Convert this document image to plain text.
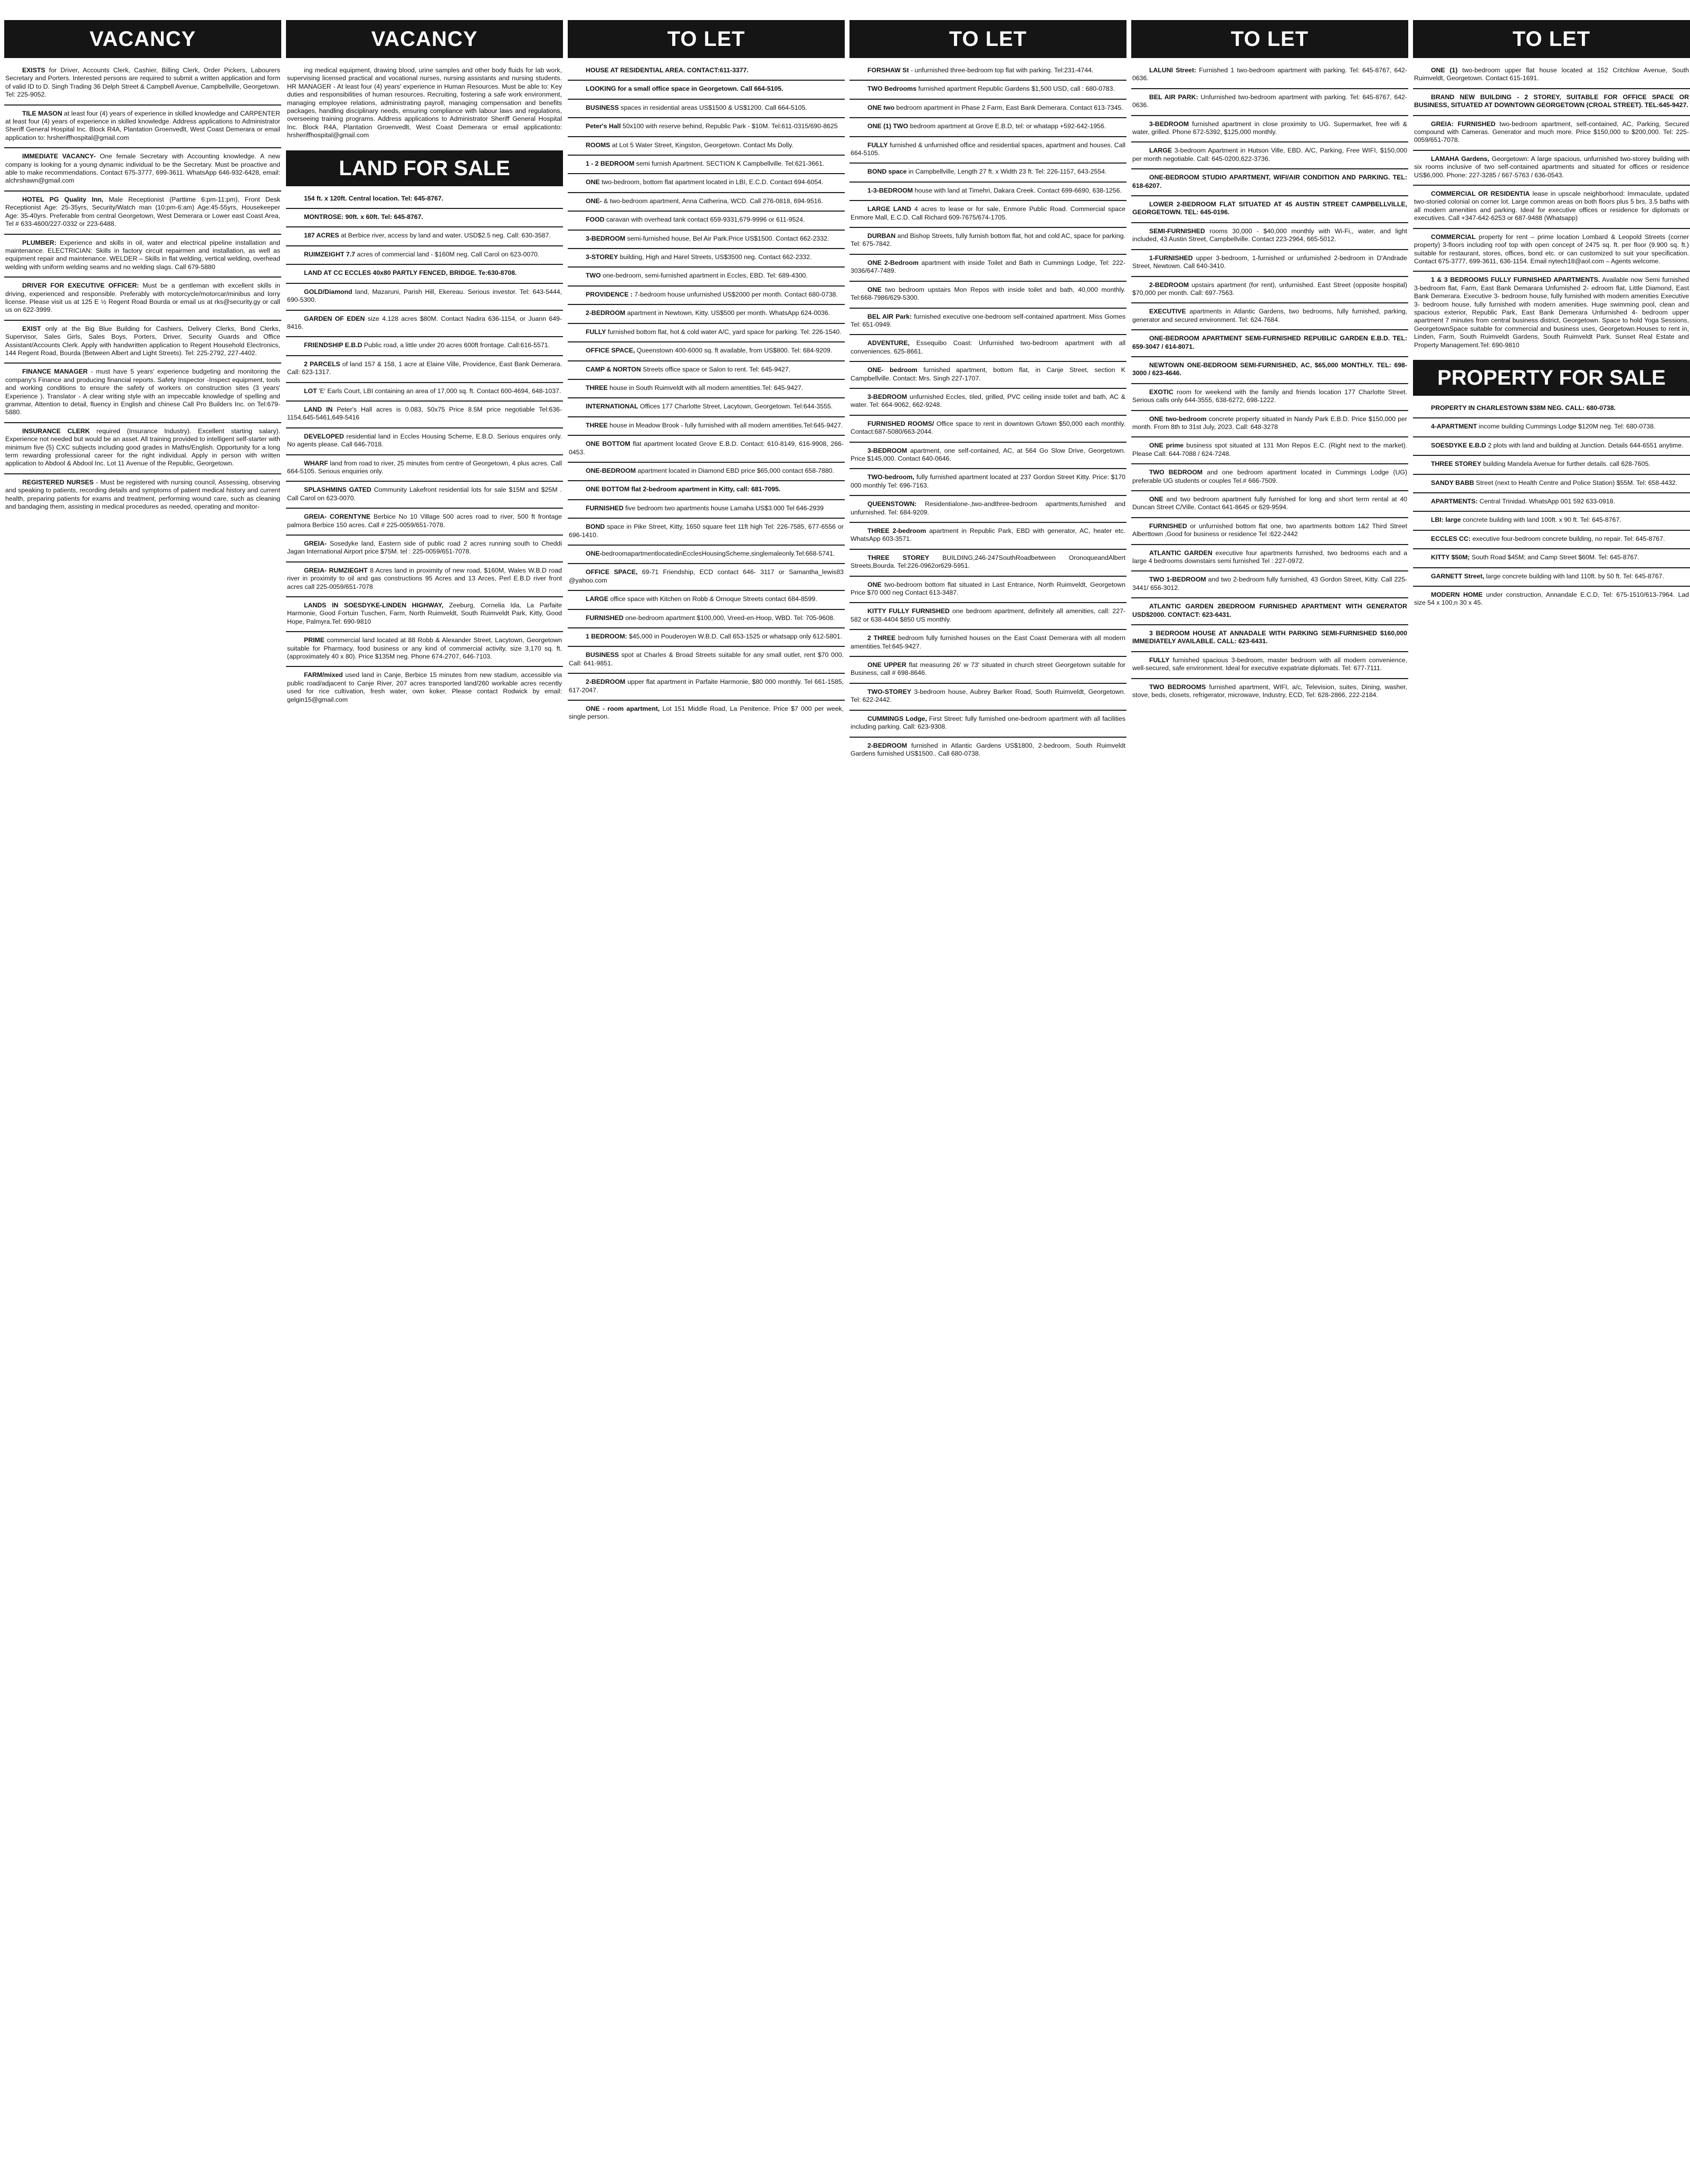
VACANCY
EXISTS for Driver, Accounts Clerk, Cashier, Billing Clerk, Order Pickers, Labourers Secretary and Porters. Interested persons are required to submit a written application and form of valid ID to D. Singh Trading 36 Delph Street & Campbell Avenue, Campbellville, Georgetown. Tel: 225-9052.
TILE MASON at least four (4) years of experience in skilled knowledge and CARPENTER at least four (4) years of experience in skilled knowledge. Address applications to Administrator Sheriff General Hospital Inc. Block R4A, Plantation Groenvedlt, West Coast Demerara or email application to: hrsheriffhospital@gmail.com
IMMEDIATE VACANCY- One female Secretary with Accounting knowledge. A new company is looking for a young dynamic individual to be the Secretary. Must be proactive and able to make recommendations. Contact 675-3777, 699-3611. WhatsApp 646-932-6428, email: alchrshawn@gmail.com
HOTEL PG Quality Inn, Male Receptionist (Parttime 6:pm-11:pm), Front Desk Receptionist Age: 25-35yrs, Security/Watch man (10:pm-6:am) Age:45-55yrs, Housekeeper Age: 35-40yrs. Preferable from central Georgetown, West Demerara or Lower east Coast Area, Tel # 633-4600/227-0332 or 223-6488.
PLUMBER: Experience and skills in oil, water and electrical pipeline installation and maintenance. ELECTRICIAN: Skills in factory circuit repairmen and installation, as well as equipment repair and maintenance. WELDER – Skills in flat welding, vertical welding, overhead welding with uniform welding seams and no welding slags. Call 679-5880
DRIVER FOR EXECUTIVE OFFICER: Must be a gentleman with excellent skills in driving, experienced and responsible. Preferably with motorcycle/motorcar/minibus and lorry license. Please visit us at 125 E ½ Regent Road Bourda or email us at rks@security.gy or call us on 622-3999.
EXIST only at the Big Blue Building for Cashiers, Delivery Clerks, Bond Clerks, Supervisor, Sales Girls, Sales Boys, Porters, Driver, Security Guards and Office Assistant/Accounts Clerk. Apply with handwritten application to Regent Household Electronics, 144 Regent Road, Bourda (Between Albert and Light Streets). Tel: 225-2792, 227-4402.
FINANCE MANAGER - must have 5 years' experience budgeting and monitoring the company's Finance and producing financial reports. Safety Inspector -Inspect equipment, tools and working conditions to ensure the safety of workers on construction sites (3 years' Experience ). Translator - A clear writing style with an impeccable knowledge of spelling and grammar, Attention to detail, fluency in English and chinese Call Pro Builders Inc. on Tel:679-5880.
INSURANCE CLERK required (Insurance Industry). Excellent starting salary). Experience not needed but would be an asset. All training provided to intelligent self-starter with minimum five (5) CXC subjects including good grades in Maths/English. Opportunity for a long term rewarding professional career for the right individual. Apply in person with written application to Abdool & Abdool Inc. Lot 11 Avenue of the Republic, Georgetown.
REGISTERED NURSES - Must be registered with nursing council, Assessing, observing and speaking to patients, recording details and symptoms of patient medical history and current health, preparing patients for exams and treatment, performing wound care, such as cleaning and bandaging them, assisting in medical procedures as needed, operating and monitor-
VACANCY
ing medical equipment, drawing blood, urine samples and other body fluids for lab work, supervising licensed practical and vocational nurses, nursing assistants and nursing students. HR MANAGER - At least four (4) years' experience in Human Resources. Must be able to: Key duties and responsibilities of human resources. Recruiting, fostering a safe work environment, managing employee relations, administrating payroll, managing compensation and benefits packages, handling disciplinary needs, ensuring compliance with labour laws and regulations, overseeing training programs. Address applications to Administrator Sheriff General Hospital Inc. Block R4A, Plantation Groenvedlt, West Coast Demerara or email applicationto: hrsheriffhospital@gmail.com
LAND FOR SALE
154 ft. x 120ft. Central location. Tel: 645-8767.
MONTROSE: 90ft. x 60ft. Tel: 645-8767.
187 ACRES at Berbice river, access by land and water. USD$2.5 neg. Call: 630-3587.
RUIMZEIGHT 7.7 acres of commercial land - $160M neg. Call Carol on 623-0070.
LAND AT CC ECCLES 40x80 PARTLY FENCED, BRIDGE. Te:630-8708.
GOLD/Diamond land, Mazaruni, Parish Hill, Ekereau. Serious investor. Tel: 643-5444, 690-5300.
GARDEN OF EDEN size 4.128 acres $80M. Contact Nadira 636-1154, or Juann 649-8416.
FRIENDSHIP E.B.D Public road, a little under 20 acres 600ft frontage. Call:616-5571.
2 PARCELS of land 157 & 158, 1 acre at Elaine Ville, Providence, East Bank Demerara. Call: 623-1317.
LOT 'E' Earls Court, LBI containing an area of 17,000 sq. ft. Contact 600-4694, 648-1037.
LAND IN Peter's Hall acres is 0.083, 50x75 Price 8.5M price negotiable Tel:636-1154,645-5461,649-5416
DEVELOPED residential land in Eccles Housing Scheme, E.B.D. Serious enquires only. No agents please. Call 646-7018.
WHARF land from road to river, 25 minutes from centre of Georgetown, 4 plus acres. Call 664-5105. Serious enquiries only.
SPLASHMINS GATED Community Lakefront residential lots for sale $15M and $25M . Call Carol on 623-0070.
GREIA- CORENTYNE Berbice No 10 Village 500 acres road to river, 500 ft frontage palmora Berbice 150 acres. Call # 225-0059/651-7078.
GREIA- Sosedyke land, Eastern side of public road 2 acres running south to Cheddi Jagan International Airport price $75M. tel : 225-0059/651-7078.
GREIA- RUMZIEGHT 8 Acres land in proximity of new road, $160M, Wales W.B.D road river in proximity to oil and gas constructions 95 Acres and 13 Arces, Perl E.B.D river front acres call 225-0059/651-7078
LANDS IN SOESDYKE-LINDEN HIGHWAY, Zeeburg, Cornelia Ida, La Parfaite Harmonie, Good Fortuin Tuschen, Farm, North Ruimveldt, South Ruimveldt Park, Kitty, Good Hope, Palmyra.Tel: 690-9810
PRIME commercial land located at 88 Robb & Alexander Street, Lacytown, Georgetown suitable for Pharmacy, food business or any kind of commercial activity, size 3,170 sq. ft. (approximately 40 x 80). Price $135M neg. Phone 674-2707, 646-7103.
FARM/mixed used land in Canje, Berbice 15 minutes from new stadium, accessible via public road/adjacent to Canje River, 207 acres transported land/260 workable acres recently used for rice cultivation, fresh water, own koker. Please contact Rodwick by email: gelgin15@gmail.com
TO LET
HOUSE AT RESIDENTIAL AREA. CONTACT:611-3377.
LOOKING for a small office space in Georgetown. Call 664-5105.
BUSINESS spaces in residential areas US$1500 & US$1200. Call 664-5105.
Peter's Hall 50x100 with reserve behind, Republic Park - $10M. Tel:611-0315/690-8625
ROOMS at Lot 5 Water Street, Kingston, Georgetown. Contact Ms Dolly.
1 - 2 BEDROOM semi furnish Apartment. SECTION K Campbellville. Tel:621-3661.
ONE two-bedroom, bottom flat apartment located in LBI, E.C.D. Contact 694-6054.
ONE- & two-bedroom apartment, Anna Catherina, WCD. Call 276-0818, 694-9516.
FOOD caravan with overhead tank contact 659-9331,679-9996 or 611-9524.
3-BEDROOM semi-furnished house, Bel Air Park.Price US$1500. Contact 662-2332.
3-STOREY building, High and Harel Streets, US$3500 neg. Contact 662-2332.
TWO one-bedroom, semi-furnished apartment in Eccles, EBD. Tel: 689-4300.
PROVIDENCE : 7-bedroom house unfurnished US$2000 per month. Contact 680-0738.
2-BEDROOM apartment in Newtown, Kitty. US$500 per month. WhatsApp 624-0036.
FULLY furnished bottom flat, hot & cold water A/C, yard space for parking. Tel: 226-1540.
OFFICE SPACE, Queenstown 400-6000 sq. ft available, from US$800. Tel: 684-9209.
CAMP & NORTON Streets office space or Salon to rent. Tel: 645-9427.
THREE house in South Ruimveldt with all modern amentities.Tel: 645-9427.
INTERNATIONAL Offices 177 Charlotte Street, Lacytown, Georgetown. Tel:644-3555.
THREE house in Meadow Brook - fully furnished with all modern amentities.Tel:645-9427.
ONE BOTTOM flat apartment located Grove E.B.D. Contact: 610-8149, 616-9908, 266-0453.
ONE-BEDROOM apartment located in Diamond EBD price $65,000 contact 658-7880.
ONE BOTTOM flat 2-bedroom apartment in Kitty, call: 681-7095.
FURNISHED five bedroom two apartments house Lamaha US$3.000 Tel 646-2939
BOND space in Pike Street, Kitty, 1650 square feet 11ft high Tel: 226-7585, 677-6556 or 696-1410.
ONE-bedroomapartmentlocatedinEcclesHousingScheme,singlemaleonly.Tel:668-5741.
OFFICE SPACE, 69-71 Friendship, ECD contact 646- 3117 or Samantha_lewis83 @yahoo.com
LARGE office space with Kitchen on Robb & Ornoque Streets contact 684-8599.
FURNISHED one-bedroom apartment $100,000, Vreed-en-Hoop, WBD. Tel: 705-9608.
1 BEDROOM: $45,000 in Pouderoyen W.B.D. Call 653-1525 or whatsapp only 612-5801.
BUSINESS spot at Charles & Broad Streets suitable for any small outlet, rent $70 000. Call: 641-9851.
2-BEDROOM upper flat apartment in Parfaite Harmonie, $80 000 monthly. Tel 661-1585, 617-2047.
ONE - room apartment, Lot 151 Middle Road, La Penitence. Price $7 000 per week, single person.
TO LET
FORSHAW St - unfurnished three-bedroom top flat with parking. Tel:231-4744.
TWO Bedrooms furnished apartment Republic Gardens $1,500 USD, call : 680-0783.
ONE two bedroom apartment in Phase 2 Farm, East Bank Demerara. Contact 613-7345.
ONE (1) TWO bedroom apartment at Grove E.B.D, tel: or whatapp +592-642-1956.
FULLY furnished & unfurnished office and residential spaces, apartment and houses. Call 664-5105.
BOND space in Campbellville, Length 27 ft. x Width 23 ft. Tel: 226-1157, 643-2554.
1-3-BEDROOM house with land at Timehri, Dakara Creek. Contact 699-6690, 638-1256.
LARGE LAND 4 acres to lease or for sale, Enmore Public Road. Commercial space Enmore Mall, E.C.D. Call Richard 609-7675/674-1705.
DURBAN and Bishop Streets, fully furnish bottom flat, hot and cold AC, space for parking. Tel: 675-7842.
ONE 2-Bedroom apartment with inside Toilet and Bath in Cummings Lodge, Tel: 222-3036/647-7489.
ONE two bedroom upstairs Mon Repos with inside toilet and bath, 40,000 monthly. Tel:668-7986/629-5300.
BEL AIR Park: furnished executive one-bedroom self-contained apartment. Miss Gomes Tel: 651-0949.
ADVENTURE, Essequibo Coast: Unfurnished two-bedroom apartment with all conveniences. 625-8661.
ONE- bedroom furnished apartment, bottom flat, in Canje Street, section K Campbellville. Contact: Mrs. Singh 227-1707.
3-BEDROOM unfurnished Eccles, tiled, grilled, PVC ceiling inside toilet and bath, AC & water. Tel: 664-9062, 662-9248.
FURNISHED ROOMS/ Office space to rent in downtown G/town $50,000 each monthly. Contact:687-5080/663-2044.
3-BEDROOM apartment, one self-contained, AC, at 564 Go Slow Drive, Georgetown. Price $145,000. Contact 640-0646.
TWO-bedroom, fully furnished apartment located at 237 Gordon Street Kitty. Price: $170 000 monthly Tel: 696-7163.
QUEENSTOWN: Residentialone-,two-andthree-bedroom apartments,furnished and unfurnished. Tel: 684-9209.
THREE 2-bedroom apartment in Republic Park, EBD with generator, AC, heater etc. WhatsApp 603-3571.
THREE STOREY BUILDING,246-247SouthRoadbetween OronoqueandAlbert Streets,Bourda. Tel:226-0962or629-5951.
ONE two-bedroom bottom flat situated in Last Entrance, North Ruimveldt, Georgetown Price $70 000 neg Contact 613-3487.
KITTY FULLY FURNISHED one bedroom apartment, definitely all amenities, call: 227-582 or 638-4404 $850 US monthly.
2 THREE bedroom fully furnished houses on the East Coast Demerara with all modern amentities.Tel:645-9427.
ONE UPPER flat measuring 26' w 73' situated in church street Georgetown suitable for Business, call # 698-8646.
TWO-STOREY 3-bedroom house, Aubrey Barker Road, South Ruimveldt, Georgetown. Tel: 622-2442.
CUMMINGS Lodge, First Street: fully furnished one-bedroom apartment with all facilities including parking. Call: 623-9308.
2-BEDROOM furnished in Atlantic Gardens US$1800, 2-bedroom, South Ruimveldt Gardens furnished US$1500.. Call 680-0738.
TO LET
LALUNI Street: Furnished 1 two-bedroom apartment with parking. Tel: 645-8767, 642-0636.
BEL AIR PARK: Unfurnished two-bedroom apartment with parking. Tel: 645-8767, 642-0636.
3-BEDROOM furnished apartment in close proximity to UG. Supermarket, free wifi & water, grilled. Phone 672-5392, $125,000 monthly.
LARGE 3-bedroom Apartment in Hutson Ville, EBD. A/C, Parking, Free WIFI, $150,000 per month negotiable. Call: 645-0200,622-3736.
ONE-BEDROOM STUDIO APARTMENT, WIFI/AIR CONDITION AND PARKING. TEL: 618-6207.
LOWER 2-BEDROOM FLAT SITUATED AT 45 AUSTIN STREET CAMPBELLVILLE, GEORGETOWN. TEL: 645-0196.
SEMI-FURNISHED rooms 30,000 - $40,000 monthly with Wi-Fi,, water, and light included, 43 Austin Street, Campbellville. Contact 223-2964, 665-5012.
1-FURNISHED upper 3-bedroom, 1-furnished or unfurnished 2-bedroom in D'Andrade Street, Newtown. Call 640-3410.
2-BEDROOM upstairs apartment (for rent), unfurnished. East Street (opposite hospital) $70,000 per month. Call: 697-7563.
EXECUTIVE apartments in Atlantic Gardens, two bedrooms, fully furnished, parking, generator and secured environment. Tel: 624-7684.
ONE-BEDROOM APARTMENT SEMI-FURNISHED REPUBLIC GARDEN E.B.D. TEL: 659-3047 / 614-8071.
NEWTOWN ONE-BEDROOM SEMI-FURNISHED, AC, $65,000 MONTHLY. TEL: 698-3000 / 623-4646.
EXOTIC room for weekend with the family and friends location 177 Charlotte Street. Serious calls only 644-3555, 638-6272, 698-1222.
ONE two-bedroom concrete property situated in Nandy Park E.B.D. Price $150,000 per month. From 8th to 31st July, 2023. Call: 648-3278
ONE prime business spot situated at 131 Mon Repos E.C. (Right next to the market). Please Call: 644-7088 / 624-7248.
TWO BEDROOM and one bedroom apartment located in Cummings Lodge (UG) preferable UG students or couples Tel.# 666-7509.
ONE and two bedroom apartment fully furnished for long and short term rental at 40 Duncan Street C/Ville. Contact 641-8645 or 629-9594.
FURNISHED or unfurnished bottom flat one, two apartments bottom 1&2 Third Street Alberttown ,Good for business or residence Tel :622-2442
ATLANTIC GARDEN executive four apartments furnished, two bedrooms each and a large 4 bedrooms downstairs semi furnished Tel : 227-0972.
TWO 1-BEDROOM and two 2-bedroom fully furnished, 43 Gordon Street, Kitty. Call 225- 3441/ 656-3012.
ATLANTIC GARDEN 2BEDROOM FURNISHED APARTMENT WITH GENERATOR USD$2000. CONTACT: 623-6431.
3 BEDROOM HOUSE AT ANNADALE WITH PARKING SEMI-FURNISHED $160,000 IMMEDIATELY AVAILABLE. CALL: 623-6431.
FULLY furnished spacious 3-bedroom, master bedroom with all modern convenience, well-secured, safe environment. Ideal for executive expatriate diplomats. Tel: 677-7111.
TWO BEDROOMS furnished apartment, WIFI, a/c, Television, suites, Dining, washer, stove, beds, closets, refrigerator, microwave, Industry, ECD, Tel: 628-2866, 222-2184.
TO LET
ONE (1) two-bedroom upper flat house located at 152 Critchlow Avenue, South Ruimveldt, Georgetown. Contact 615-1691.
BRAND NEW BUILDING - 2 STOREY, SUITABLE FOR OFFICE SPACE OR BUSINESS, SITUATED AT DOWNTOWN GEORGETOWN (CROAL STREET). TEL:645-9427.
GREIA: FURNISHED two-bedroom apartment, self-contained, AC, Parking, Secured compound with Cameras. Generator and much more. Price $150,000 to $200,000. Tel: 225-0059/651-7078.
LAMAHA Gardens, Georgetown: A large spacious, unfurnished two-storey building with six rooms inclusive of two self-contained apartments and situated for offices or residence US$6,000. Phone: 227-3285 / 667-5763 / 636-0543.
COMMERCIAL OR RESIDENTIA lease in upscale neighborhood: Immaculate, updated two-storied colonial on corner lot. Large common areas on both floors plus 5 brs, 3.5 baths with all modern amenities and parking. Ideal for executive offices or residence for diplomats or executives. Call +347-642-6253 or 687-9488 (Whatsapp)
COMMERCIAL property for rent – prime location Lombard & Leopold Streets (corner property) 3-floors including roof top with open concept of 2475 sq. ft. per floor (9.900 sq. ft.) suitable for restaurant, stores, offices, bond etc. or can customized to suit your specification. Contact 675-3777, 699-3611, 636-1154. Email nytech18@aol.com – Agents welcome.
1 & 3 BEDROOMS FULLY FURNISHED APARTMENTS. Available now Semi furnished 3-bedroom flat, Farm, East Bank Demarara Unfurnished 2- edroom flat, Little Diamond, East Bank Demerara. Executive 3- bedroom house, fully furnished with modern amenities Executive 3- bedroom house, fully furnished with modern amenities. Huge swimming pool, clean and spacious exterior, Republic Park, East Bank Demerara Unfurnished 4- bedroom upper apartment 7 minutes from central business district, Georgetown. Space to hold Yoga Sessions, GeorgetownSpace suitable for commercial and business uses, Georgetown.Houses to rent in, Linden, Farm, South Ruimveldt Gardens, South Ruimveldt Park. Sunset Real Estate and Property Management.Tel: 690-9810
PROPERTY FOR SALE
PROPERTY IN CHARLESTOWN $38M NEG. CALL: 680-0738.
4-APARTMENT income building Cummings Lodge $120M neg. Tel: 680-0738.
SOESDYKE E.B.D 2 plots with land and building at Junction. Details 644-6551 anytime.
THREE STOREY building Mandela Avenue for further details. call 628-7605.
SANDY BABB Street (next to Health Centre and Police Station) $55M. Tel: 658-4432.
APARTMENTS: Central Trinidad. WhatsApp 001 592 633-0918.
LBI: large concrete building with land 100ft. x 90 ft. Tel: 645-8767.
ECCLES CC: executive four-bedroom concrete building, no repair. Tel: 645-8767.
KITTY $50M; South Road $45M; and Camp Street $60M. Tel: 645-8767.
GARNETT Street, large concrete building with land 110ft. by 50 ft. Tel: 645-8767.
MODERN HOME under construction, Annandale E.C.D, Tel: 675-1510/613-7964. Lad size 54 x 100,n 30 x 45.
